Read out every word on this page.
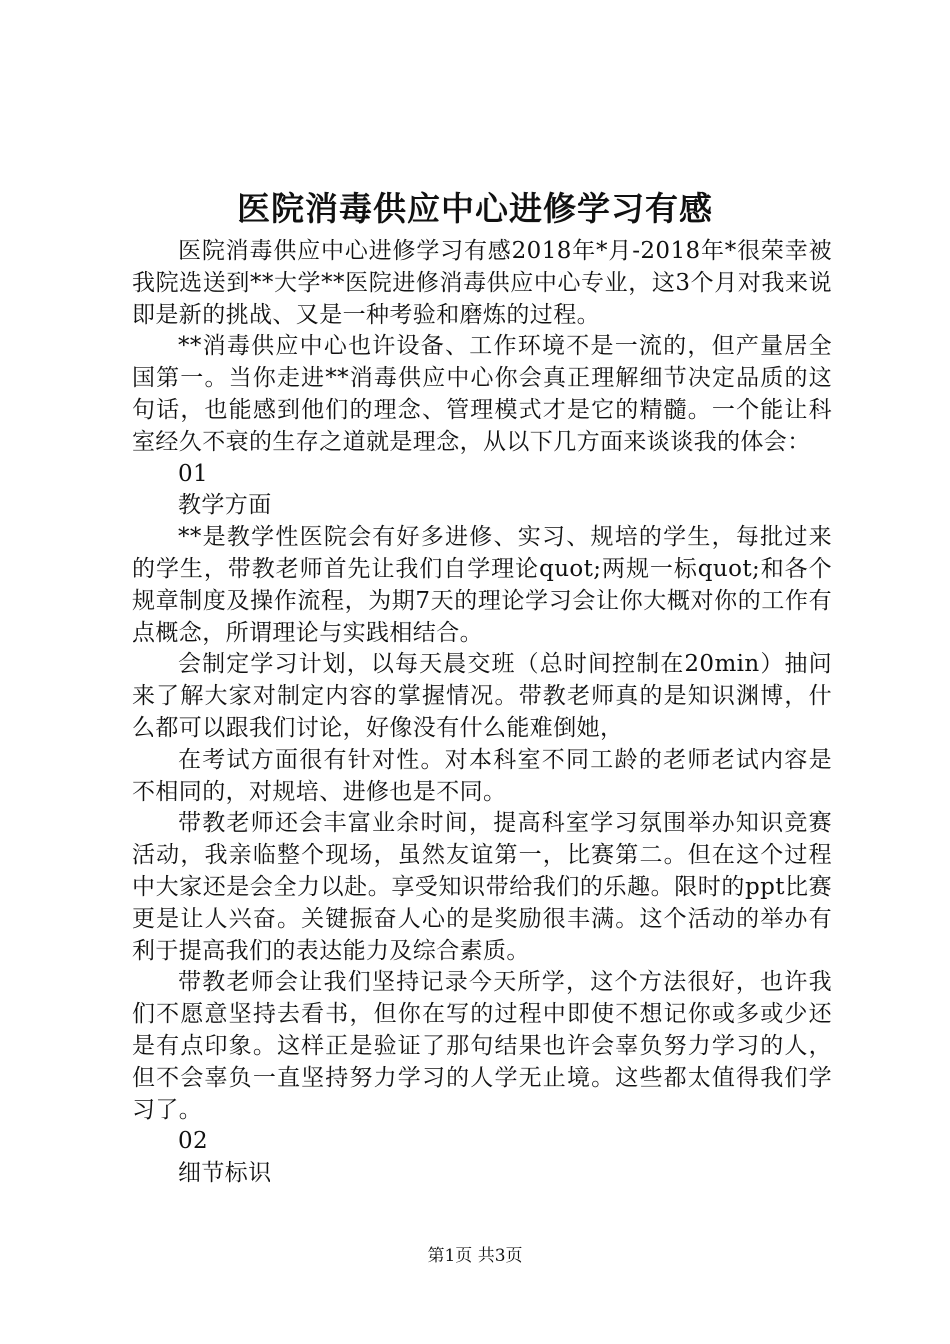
医院消毒供应中心进修学习有感

医院消毒供应中心进修学习有感2018年*月-2018年*很荣幸被我院选送到**大学**医院进修消毒供应中心专业，这3个月对我来说即是新的挑战、又是一种考验和磨炼的过程。

**消毒供应中心也许设备、工作环境不是一流的，但产量居全国第一。当你走进**消毒供应中心你会真正理解细节决定品质的这句话，也能感到他们的理念、管理模式才是它的精髓。一个能让科室经久不衰的生存之道就是理念，从以下几方面来谈谈我的体会：

01

教学方面

**是教学性医院会有好多进修、实习、规培的学生，每批过来的学生，带教老师首先让我们自学理论quot;两规一标quot;和各个规章制度及操作流程，为期7天的理论学习会让你大概对你的工作有点概念，所谓理论与实践相结合。

会制定学习计划，以每天晨交班（总时间控制在20min）抽问来了解大家对制定内容的掌握情况。带教老师真的是知识渊博，什么都可以跟我们讨论，好像没有什么能难倒她，

在考试方面很有针对性。对本科室不同工龄的老师老试内容是不相同的，对规培、进修也是不同。

带教老师还会丰富业余时间，提高科室学习氛围举办知识竞赛活动，我亲临整个现场，虽然友谊第一，比赛第二。但在这个过程中大家还是会全力以赴。享受知识带给我们的乐趣。限时的ppt比赛更是让人兴奋。关键振奋人心的是奖励很丰满。这个活动的举办有利于提高我们的表达能力及综合素质。

带教老师会让我们坚持记录今天所学，这个方法很好，也许我们不愿意坚持去看书，但你在写的过程中即使不想记你或多或少还是有点印象。这样正是验证了那句结果也许会辜负努力学习的人，但不会辜负一直坚持努力学习的人学无止境。这些都太值得我们学习了。

02

细节标识

第1页 共3页
